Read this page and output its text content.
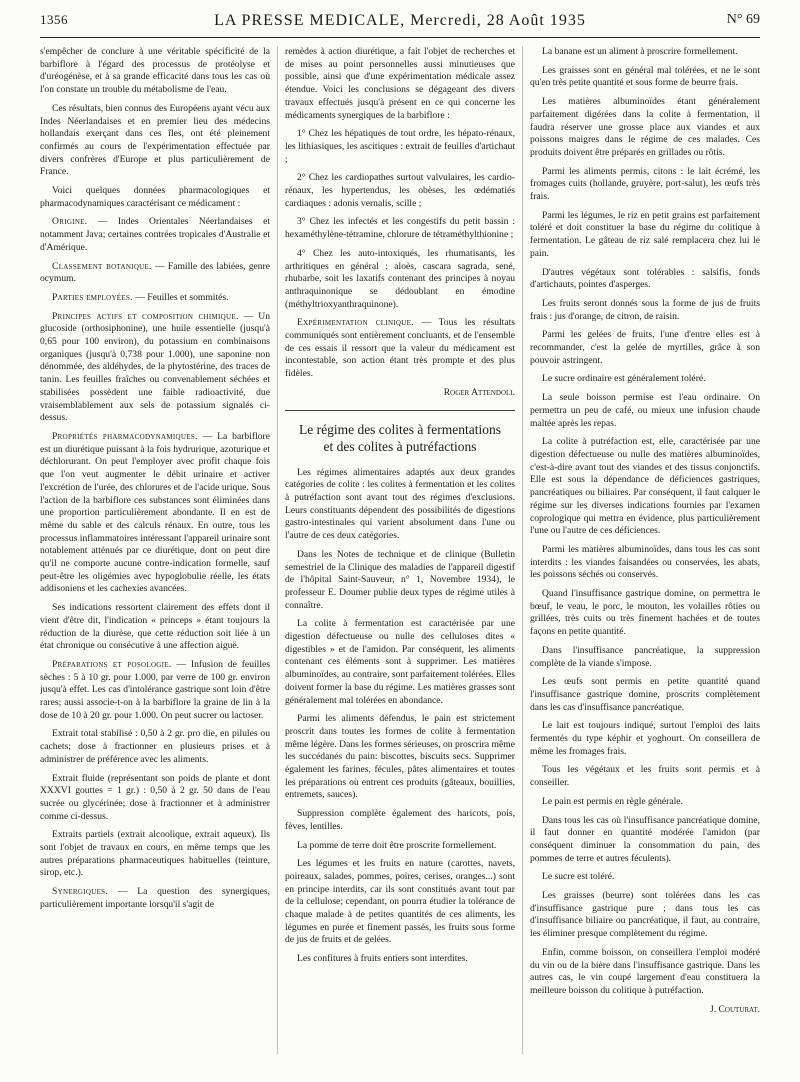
1356	LA PRESSE MEDICALE, Mercredi, 28 Août 1935	N° 69

s'empêcher de conclure à une véritable spécificité de la barbiflore à l'égard des processus de protéolyse et d'uréogénèse, et à sa grande efficacité dans tous les cas où l'on constate un trouble du métabolisme de l'eau.

Ces résultats, bien connus des Européens ayant vécu aux Indes Néerlandaises et en premier lieu des médecins hollandais exerçant dans ces îles, ont été pleinement confirmés au cours de l'expérimentation effectuée par divers confrères d'Europe et plus particulièrement de France.

Voici quelques données pharmacologiques et pharmacodynamiques caractérisant ce médicament :

Origine. — Indes Orientales Néerlandaises et notamment Java; certaines contrées tropicales d'Australie et d'Amérique.

Classement botanique. — Famille des labiées, genre ocymum.

Parties employées. — Feuilles et sommités.

Principes actifs et composition chimique. — Un glucoside (orthosiphonine), une huile essentielle (jusqu'à 0,65 pour 100 environ), du potassium en combinaisons organiques (jusqu'à 0,738 pour 1.000), une saponine non dénommée, des aldéhydes, de la phytostérine, des traces de tanin. Les feuilles fraîches ou convenablement séchées et stabilisées possèdent une faible radioactivité, due vraisemblablement aux sels de potassium signalés ci-dessus.

Propriétés pharmacodynamiques. — La barbiflore est un diurétique puissant à la fois hydrurique, azoturique et déchlorurant. On peut l'employer avec profit chaque fois que l'on veut augmenter le débit urinaire et activer l'excrétion de l'urée, des chlorures et de l'acide urique. Sous l'action de la barbiflore ces substances sont éliminées dans une proportion particulièrement abondante. Il en est de même du sable et des calculs rénaux. En outre, tous les processus inflammatoires intéressant l'appareil urinaire sont notablement atténués par ce diurétique, dont on peut dire qu'il ne comporte aucune contre-indication formelle, sauf peut-être les oligémies avec hypoglobulie réelle, les états addisoniens et les cachexies avancées.

Ses indications ressortent clairement des effets dont il vient d'être dit, l'indication « princeps » étant toujours la réduction de la diurèse, que cette réduction soit liée à un état chronique ou consécutive à une affection aiguë.

Préparations et posologie. — Infusion de feuilles sèches : 5 à 10 gr. pour 1.000, par verre de 100 gr. environ jusqu'à effet. Les cas d'intolérance gastrique sont loin d'être rares; aussi associe-t-on à la barbiflore la graine de lin à la dose de 10 à 20 gr. pour 1.000. On peut sucrer ou lactoser.

Extrait total stabilisé : 0,50 à 2 gr. pro die, en pilules ou cachets; dose à fractionner en plusieurs prises et à administrer de préférence avec les aliments.

Extrait fluide (représentant son poids de plante et dont XXXVI gouttes = 1 gr.) : 0,50 à 2 gr. 50 dans de l'eau sucrée ou glycérinée; dose à fractionner et à administrer comme ci-dessus.

Extraits partiels (extrait alcoolique, extrait aqueux). Ils sont l'objet de travaux en cours, en même temps que les autres préparations pharmaceutiques habituelles (teinture, sirop, etc.).

Synergiques. — La question des synergiques, particulièrement importante lorsqu'il s'agit de

remèdes à action diurétique, a fait l'objet de recherches et de mises au point personnelles aussi minutieuses que possible, ainsi que d'une expérimentation médicale assez étendue. Voici les conclusions se dégageant des divers travaux effectués jusqu'à présent en ce qui concerne les médicaments synergiques de la barbiflore :

1° Chez les hépatiques de tout ordre, les hépato-rénaux, les lithiasiques, les ascitiques : extrait de feuilles d'artichaut ;

2° Chez les cardiopathes surtout valvulaires, les cardio-rénaux, les hypertendus, les obèses, les œdématiés cardiaques : adonis vernalis, scille ;

3° Chez les infectés et les congestifs du petit bassin : hexaméthylène-tétramine, chlorure de tétraméthylthionine ;

4° Chez les auto-intoxiqués, les rhumatisants, les arthritiques en général : aloès, cascara sagrada, sené, rhubarbe, soit les laxatifs contenant des principes à noyau anthraquinonique se dédoublant en émodine (méthyltrioxyanthraquinone).

Expérimentation clinique. — Tous les résultats communiqués sont entièrement concluants, et de l'ensemble de ces essais il ressort que la valeur du médicament est incontestable, son action étant très prompte et des plus fidèles.

Roger Attendoli.
Le régime des colites à fermentations
et des colites à putréfactions

Les régimes alimentaires adaptés aux deux grandes catégories de colite : les colites à fermentation et les colites à putréfaction sont avant tout des régimes d'exclusions. Leurs constituants dépendent des possibilités de digestions gastro-intestinales qui varient absolument dans l'une ou l'autre de ces deux catégories.

Dans les Notes de technique et de clinique (Bulletin semestriel de la Clinique des maladies de l'appareil digestif de l'hôpital Saint-Sauveur, n° 1, Novembre 1934), le professeur E. Doumer publie deux types de régime utiles à connaître.

La colite à fermentation est caractérisée par une digestion défectueuse ou nulle des celluloses dites « digestibles » et de l'amidon. Par conséquent, les aliments contenant ces éléments sont à supprimer. Les matières albuminoïdes, au contraire, sont parfaitement tolérées. Elles doivent former la base du régime. Les matières grasses sont généralement mal tolérées en abondance.

Parmi les aliments défendus, le pain est strictement proscrit dans toutes les formes de colite à fermentation même légère. Dans les formes sérieuses, on proscrira même les succédanés du pain: biscottes, biscuits secs. Supprimer également les farines, fécules, pâtes alimentaires et toutes les préparations où entrent ces produits (gâteaux, bouillies, entremets, sauces).

Suppression complète également des haricots, pois, fèves, lentilles.

La pomme de terre doit être proscrite formellement.

Les légumes et les fruits en nature (carottes, navets, poireaux, salades, pommes, poires, cerises, oranges...) sont en principe interdits, car ils sont constitués avant tout par de la cellulose; cependant, on pourra étudier la tolérance de chaque malade à de petites quantités de ces aliments, les légumes en purée et finement passés, les fruits sous forme de jus de fruits et de gelées.

Les confitures à fruits entiers sont interdites.

La banane est un aliment à proscrire formellement.

Les graisses sont en général mal tolérées, et ne le sont qu'en très petite quantité et sous forme de beurre frais.

Les matières albuminoïdes étant généralement parfaitement digérées dans la colite à fermentation, il faudra réserver une grosse place aux viandes et aux poissons maigres dans le régime de ces malades. Ces produits doivent être préparés en grillades ou rôtis.

Parmi les aliments permis, citons : le lait écrémé, les fromages cuits (hollande, gruyère, port-salut), les œufs très frais.

Parmi les légumes, le riz en petit grains est parfaitement toléré et doit constituer la base du régime du colitique à fermentation. Le gâteau de riz salé remplacera chez lui le pain.

D'autres végétaux sont tolérables : salsifis, fonds d'artichauts, pointes d'asperges.

Les fruits seront donnés sous la forme de jus de fruits frais : jus d'orange, de citron, de raisin.

Parmi les gelées de fruits, l'une d'entre elles est à recommander, c'est la gelée de myrtilles, grâce à son pouvoir astringent.

Le sucre ordinaire est généralement toléré.

La seule boisson permise est l'eau ordinaire. On permettra un peu de café, ou mieux une infusion chaude maltée après les repas.

La colite à putréfaction est, elle, caractérisée par une digestion défectueuse ou nulle des matières albuminoïdes, c'est-à-dire avant tout des viandes et des tissus conjonctifs. Elle est sous la dépendance de déficiences gastriques, pancréatiques ou biliaires. Par conséquent, il faut calquer le régime sur les diverses indications fournies par l'examen coprologique qui mettra en évidence, plus particulièrement l'une ou l'autre de ces déficiences.

Parmi les matières albuminoïdes, dans tous les cas sont interdits : les viandes faisandées ou conservées, les abats, les poissons séchés ou conservés.

Quand l'insuffisance gastrique domine, on permettra le bœuf, le veau, le porc, le mouton, les volailles rôties ou grillées, très cuits ou très finement hachées et de toutes façons en petite quantité.

Dans l'insuffisance pancréatique, la suppression complète de la viande s'impose.

Les œufs sont permis en petite quantité quand l'insuffisance gastrique domine, proscrits complètement dans les cas d'insuffisance pancréatique.

Le lait est toujours indiqué, surtout l'emploi des laits fermentés du type képhir et yoghourt. On conseillera de même les fromages frais.

Tous les végétaux et les fruits sont permis et à conseiller.

Le pain est permis en règle générale.

Dans tous les cas où l'insuffisance pancréatique domine, il faut donner en quantité modérée l'amidon (par conséquent diminuer la consommation du pain, des pommes de terre et autres féculents).

Le sucre est toléré.

Les graisses (beurre) sont tolérées dans les cas d'insuffisance gastrique pure ; dans tous les cas d'insuffisance biliaire ou pancréatique, il faut, au contraire, les éliminer presque complètement du régime.

Enfin, comme boisson, on conseillera l'emploi modéré du vin ou de la bière dans l'insuffisance gastrique. Dans les autres cas, le vin coupé largement d'eau constituera la meilleure boisson du colitique à putréfaction.

J. Couturat.
